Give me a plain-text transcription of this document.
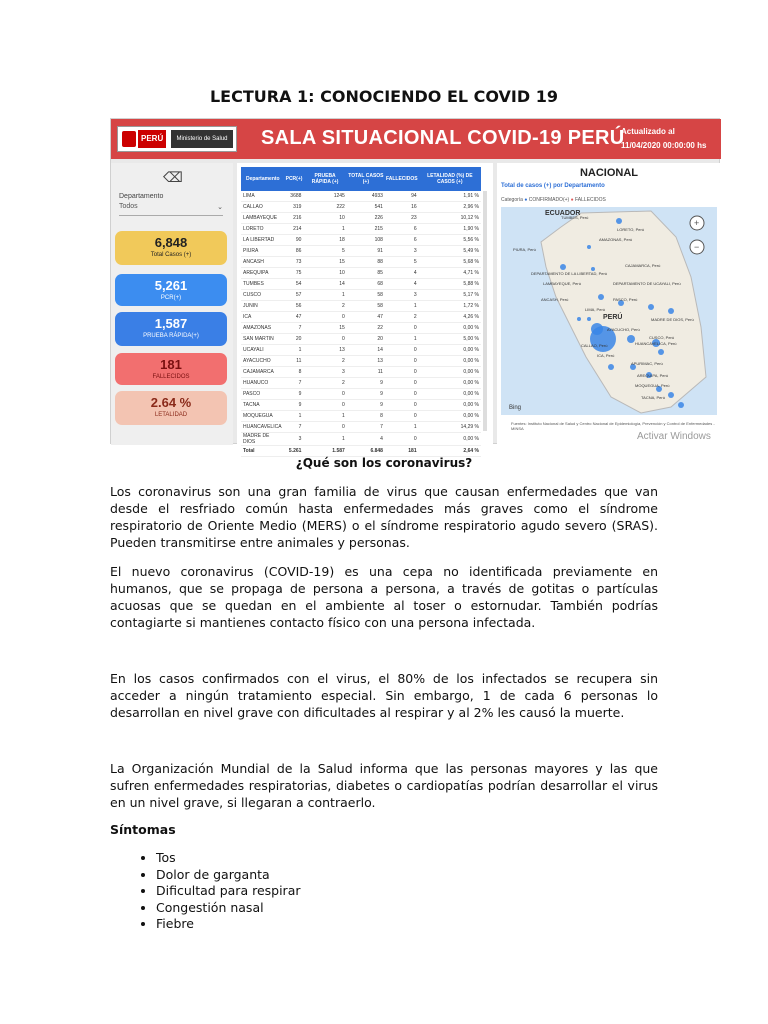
LECTURA 1: CONOCIENDO EL COVID 19
PERÚ	Ministerio de Salud SALA SITUACIONAL COVID-19 PERÚ
Actualizado al
11/04/2020 00:00:00 hs
⌫
Departamento
Todos	⌄
6,848
Total Casos (+)
5,261
PCR(+)
1,587
PRUEBA RÁPIDA(+)
181
FALLECIDOS
2.64 %
LETALIDAD
Departamento	PCR(+)	PRUEBA RÁPIDA (+)	TOTAL CASOS (+)	FALLECIDOS	LETALIDAD (%) DE CASOS (+)
LIMA	3688	1245	4933	94	1,91 %
CALLAO	319	222	541	16	2,96 %
LAMBAYEQUE	216	10	226	23	10,12 %
LORETO	214	1	215	6	1,90 %
LA LIBERTAD	90	18	108	6	5,56 %
PIURA	86	5	91	3	5,49 %
ANCASH	73	15	88	5	5,68 %
AREQUIPA	75	10	85	4	4,71 %
TUMBES	54	14	68	4	5,88 %
CUSCO	57	1	58	3	5,17 %
JUNIN	56	2	58	1	1,72 %
ICA	47	0	47	2	4,26 %
AMAZONAS	7	15	22	0	0,00 %
SAN MARTIN	20	0	20	1	5,00 %
UCAYALI	1	13	14	0	0,00 %
AYACUCHO	11	2	13	0	0,00 %
CAJAMARCA	8	3	11	0	0,00 %
HUANUCO	7	2	9	0	0,00 %
PASCO	9	0	9	0	0,00 %
TACNA	9	0	9	0	0,00 %
MOQUEGUA	1	1	8	0	0,00 %
HUANCAVELICA	7	0	7	1	14,29 %
MADRE DE DIOS	3	1	4	0	0,00 %
Total	5.261	1.587	6.848	181	2,64 %
NACIONAL
Total de casos (+) por Departamento
Categoría ● CONFIRMADO(+) ● FALLECIDOS
ECUADOR
TUMBES, Perú
LORETO, Perú
AMAZONAS, Perú
PIURA, Perú
CAJAMARCA, Perú
DEPARTAMENTO DE LA LIBERTAD, Perú
LAMBAYEQUE, Perú	DEPARTAMENTO DE UCAYALI, Perú
ANCASH, Perú	PASCO, Perú
LIMA, Perú
PERÚ	MADRE DE DIOS, Perú
AYACUCHO, Perú
CUSCO, Perú
CALLAO, Perú	HUANCAVELICA, Perú
ICA, Perú
APURIMAC, Perú
AREQUIPA, Perú
MOQUEGUA, Perú
TACNA, Perú
+
−
Bing
Fuentes: Instituto Nacional de Salud y Centro Nacional de Epidemiología, Prevención y Control de Enfermedades - MINSA
Activar Windows
¿Qué son los coronavirus?

Los coronavirus son una gran familia de virus que causan enfermedades que van desde el resfriado común hasta enfermedades más graves como el síndrome respiratorio de Oriente Medio (MERS) o el síndrome respiratorio agudo severo (SRAS). Pueden transmitirse entre animales y personas.

El nuevo coronavirus (COVID-19) es una cepa no identificada previamente en humanos, que se propaga de persona a persona, a través de gotitas o partículas acuosas que se quedan en el ambiente al toser o estornudar. También podrías contagiarte si mantienes contacto físico con una persona infectada.

En los casos confirmados con el virus, el 80% de los infectados se recupera sin acceder a ningún tratamiento especial. Sin embargo, 1 de cada 6 personas lo desarrollan en nivel grave con dificultades al respirar y al 2% les causó la muerte.

La Organización Mundial de la Salud informa que las personas mayores y las que sufren enfermedades respiratorias, diabetes o cardiopatías podrían desarrollar el virus en un nivel grave, si llegaran a contraerlo.

Síntomas
• Tos
• Dolor de garganta
• Dificultad para respirar
• Congestión nasal
• Fiebre
